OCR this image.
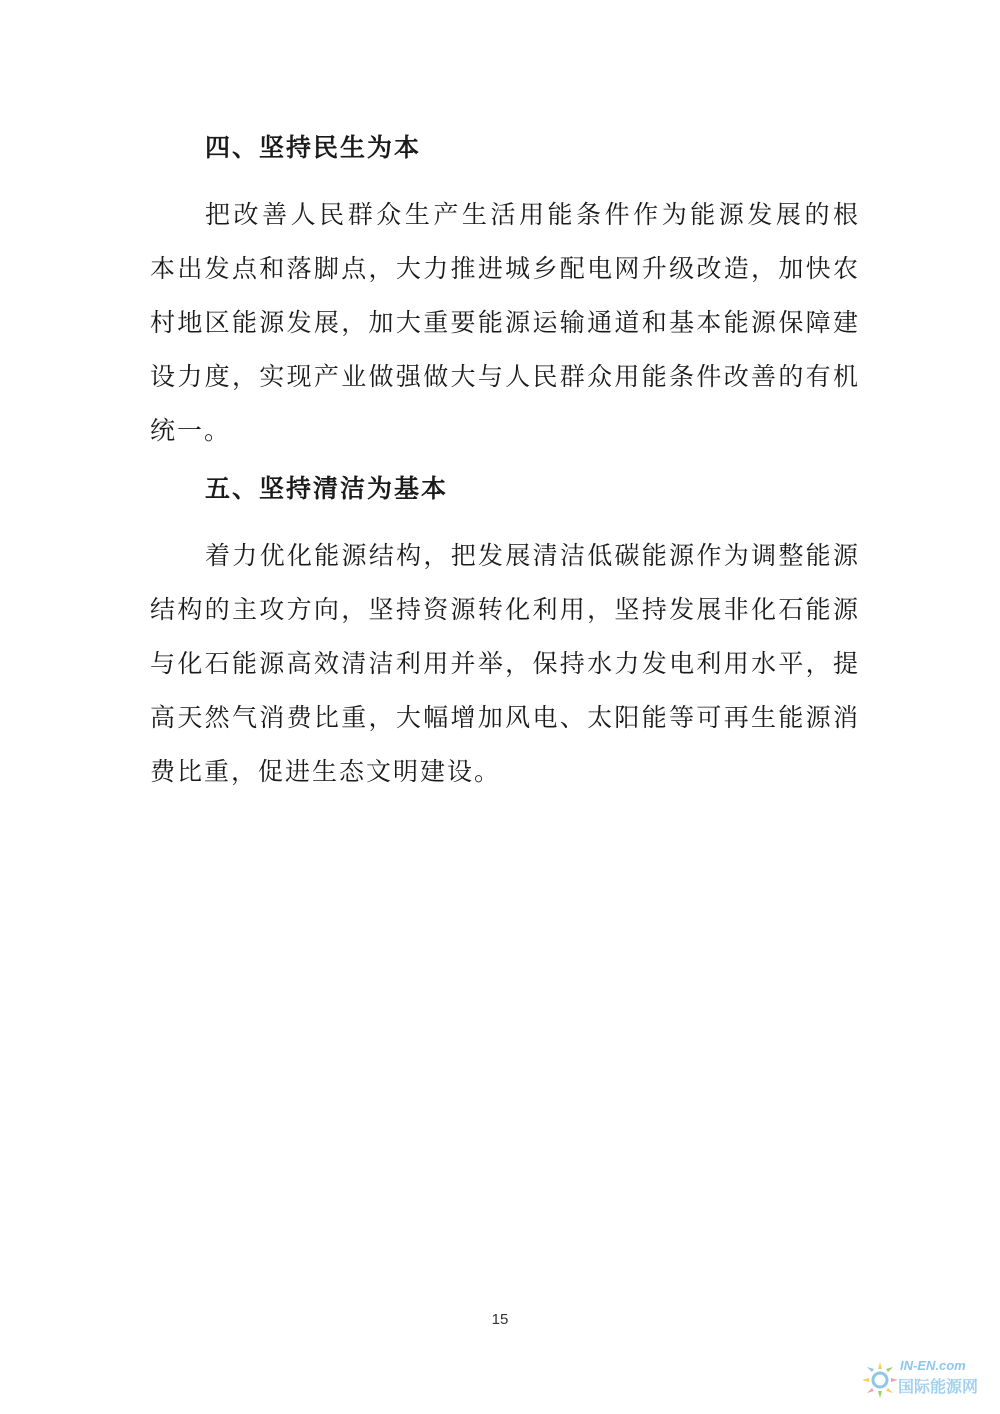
四、坚持民生为本
把改善人民群众生产生活用能条件作为能源发展的根
本出发点和落脚点，大力推进城乡配电网升级改造，加快农
村地区能源发展，加大重要能源运输通道和基本能源保障建
设力度，实现产业做强做大与人民群众用能条件改善的有机
统一。
五、坚持清洁为基本
着力优化能源结构，把发展清洁低碳能源作为调整能源
结构的主攻方向，坚持资源转化利用，坚持发展非化石能源
与化石能源高效清洁利用并举，保持水力发电利用水平，提
高天然气消费比重，大幅增加风电、太阳能等可再生能源消
费比重，促进生态文明建设。
15
IN-EN.com
国际能源网
